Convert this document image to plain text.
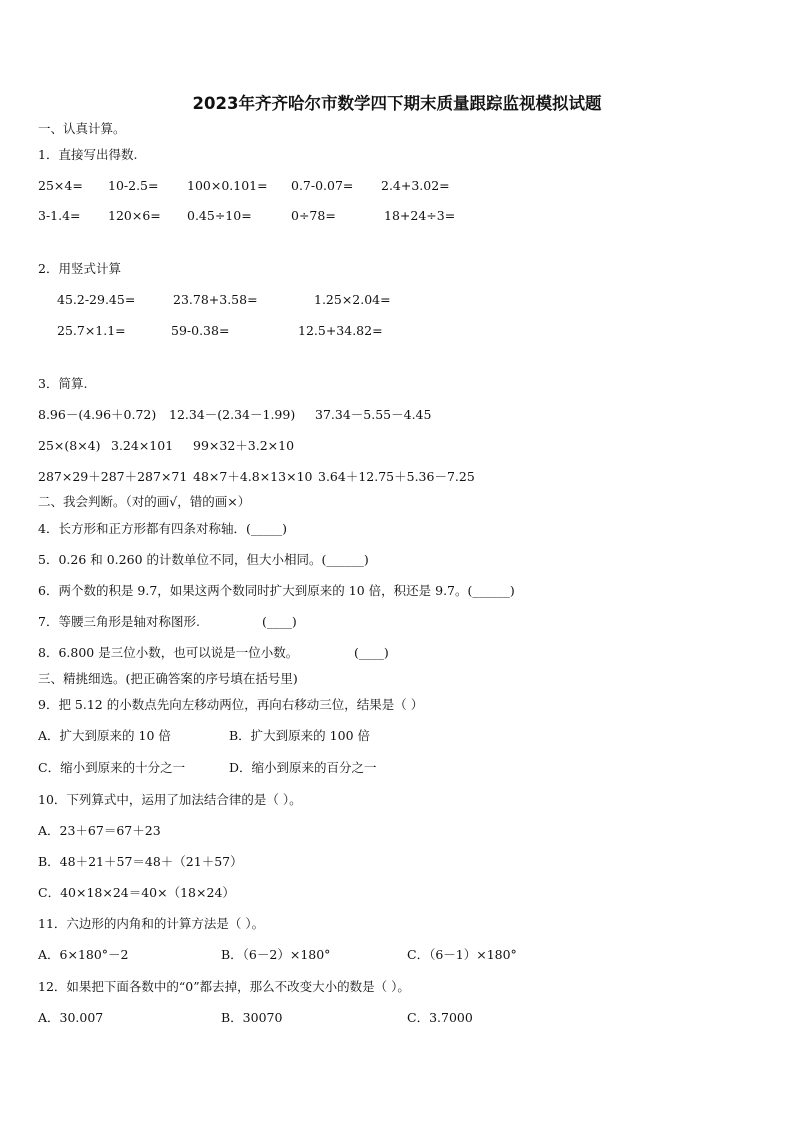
2023年齐齐哈尔市数学四下期末质量跟踪监视模拟试题
一、认真计算。
1．直接写出得数.
25×4= 10-2.5= 100×0.101= 0.7-0.07= 2.4+3.02=
3-1.4= 120×6= 0.45÷10=	0÷78=	18+24÷3=
2．用竖式计算
45.2-29.45=	23.78+3.58=	1.25×2.04=
25.7×1.1=	59-0.38=	12.5+34.82=
3．简算.
8.96－(4.96＋0.72) 12.34－(2.34－1.99) 37.34－5.55－4.45
25×(8×4) 3.24×101 99×32＋3.2×10
287×29＋287＋287×71 48×7＋4.8×13×10 3.64＋12.75＋5.36－7.25
二、我会判断。（对的画√，错的画×）
4．长方形和正方形都有四条对称轴．(_____)
5．0.26 和 0.260 的计数单位不同，但大小相同。(______)
6．两个数的积是 9.7，如果这两个数同时扩大到原来的 10 倍，积还是 9.7。(______)
7．等腰三角形是轴对称图形.	(____)
8．6.800 是三位小数，也可以说是一位小数。	(____)
三、精挑细选。(把正确答案的序号填在括号里)
9．把 5.12 的小数点先向左移动两位，再向右移动三位，结果是（ ）
A．扩大到原来的 10 倍	B．扩大到原来的 100 倍
C．缩小到原来的十分之一	D．缩小到原来的百分之一
10．下列算式中，运用了加法结合律的是（ ）。
A．23＋67＝67＋23
B．48＋21＋57＝48＋（21＋57）
C．40×18×24＝40×（18×24）
11．六边形的内角和的计算方法是（ ）。
A．6×180°－2	B．（6－2）×180°	C．（6－1）×180°
12．如果把下面各数中的“0”都去掉，那么不改变大小的数是（ ）。
A．30.007	B．30070	C．3.7000
